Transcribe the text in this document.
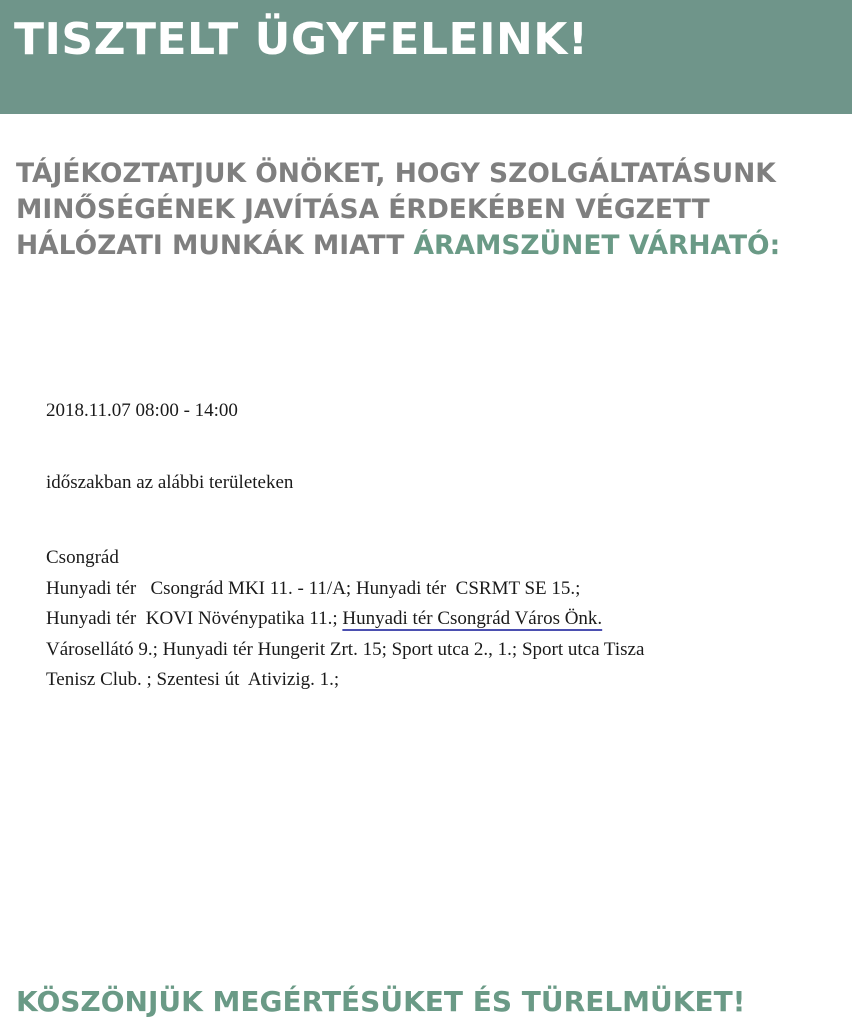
TISZTELT ÜGYFELEINK!
TÁJÉKOZTATJUK ÖNÖKET, HOGY SZOLGÁLTATÁSUNK
MINŐSÉGÉNEK JAVÍTÁSA ÉRDEKÉBEN VÉGZETT
HÁLÓZATI MUNKÁK MIATT ÁRAMSZÜNET VÁRHATÓ:
2018.11.07 08:00 - 14:00
időszakban az alábbi területeken
Csongrád
Hunyadi tér   Csongrád MKI 11. - 11/A; Hunyadi tér  CSRMT SE 15.;
Hunyadi tér  KOVI Növénypatika 11.; Hunyadi tér Csongrád Város Önk.
Városellátó 9.; Hunyadi tér Hungerit Zrt. 15; Sport utca 2., 1.; Sport utca Tisza
Tenisz Club. ; Szentesi út  Ativizig. 1.;
KÖSZÖNJÜK MEGÉRTÉSÜKET ÉS TÜRELMÜKET!
